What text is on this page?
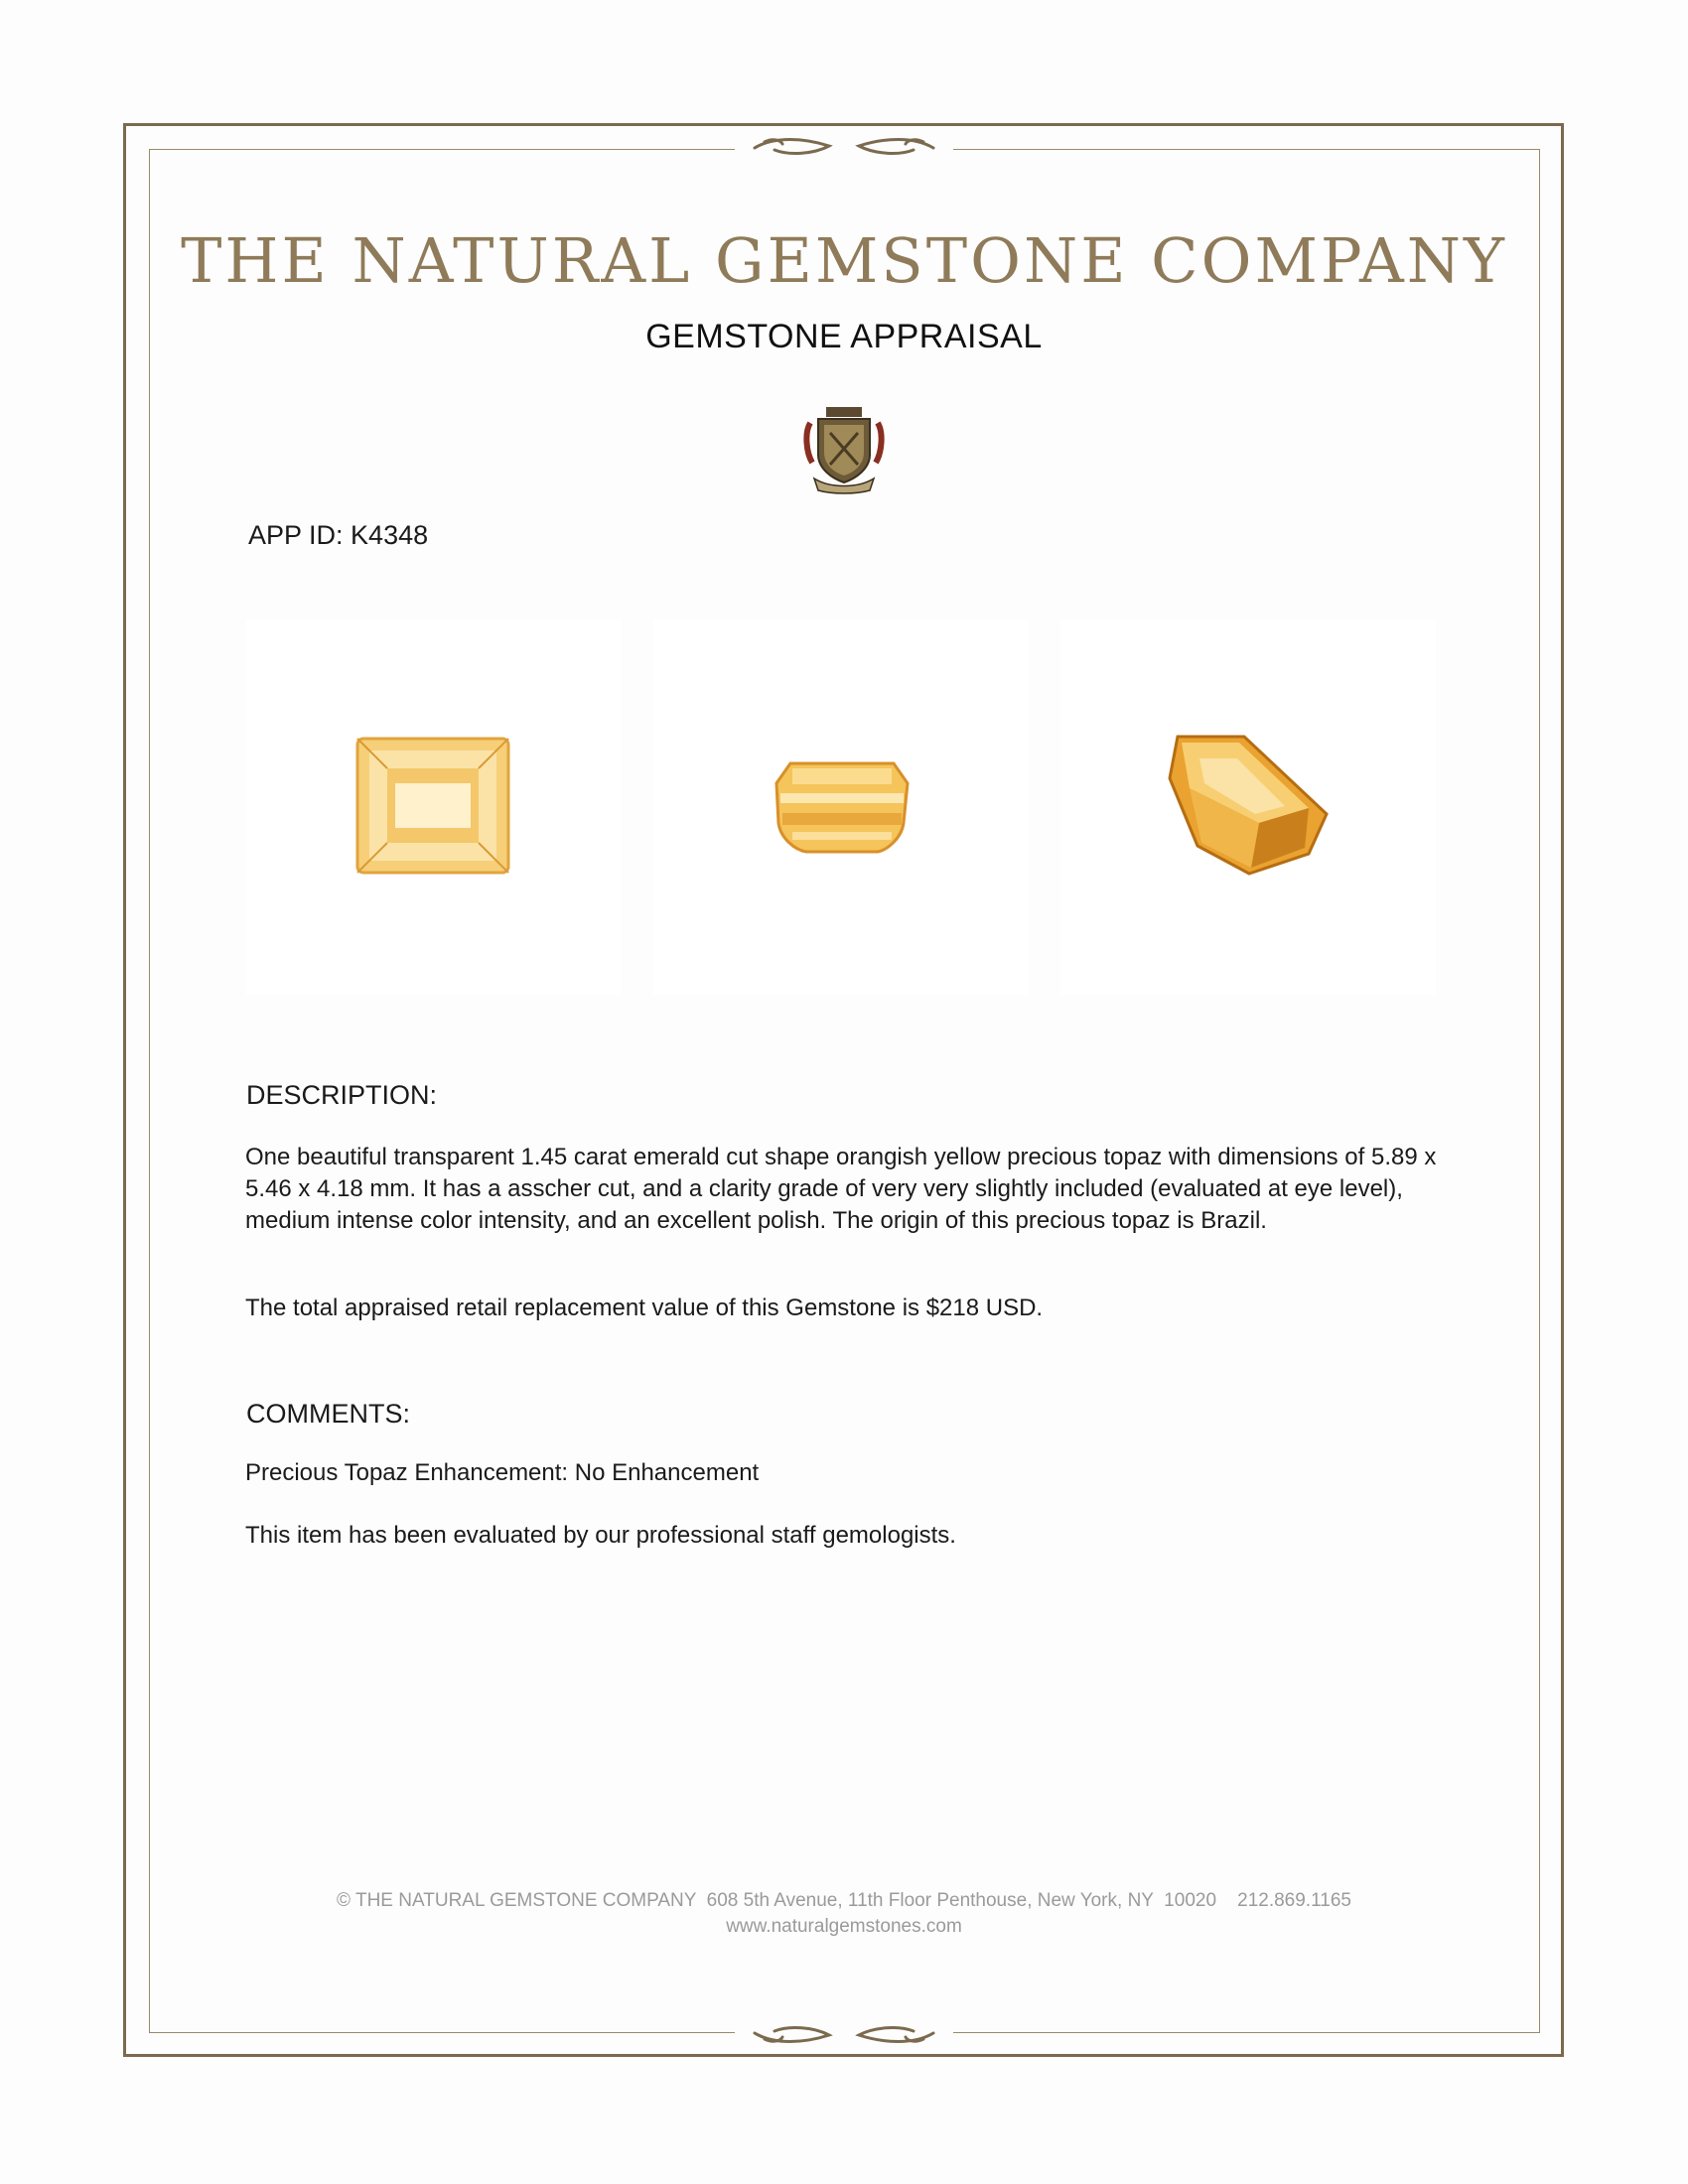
THE NATURAL GEMSTONE COMPANY
GEMSTONE APPRAISAL
APP ID: K4348
DESCRIPTION:
One beautiful transparent 1.45 carat emerald cut shape orangish yellow precious topaz with dimensions of 5.89 x 5.46 x 4.18 mm. It has a asscher cut, and a clarity grade of very very slightly included (evaluated at eye level), medium intense color intensity, and an excellent polish. The origin of this precious topaz is Brazil.
The total appraised retail replacement value of this Gemstone is $218 USD.
COMMENTS:
Precious Topaz Enhancement: No Enhancement
This item has been evaluated by our professional staff gemologists.
© THE NATURAL GEMSTONE COMPANY  608 5th Avenue, 11th Floor Penthouse, New York, NY  10020    212.869.1165
www.naturalgemstones.com
